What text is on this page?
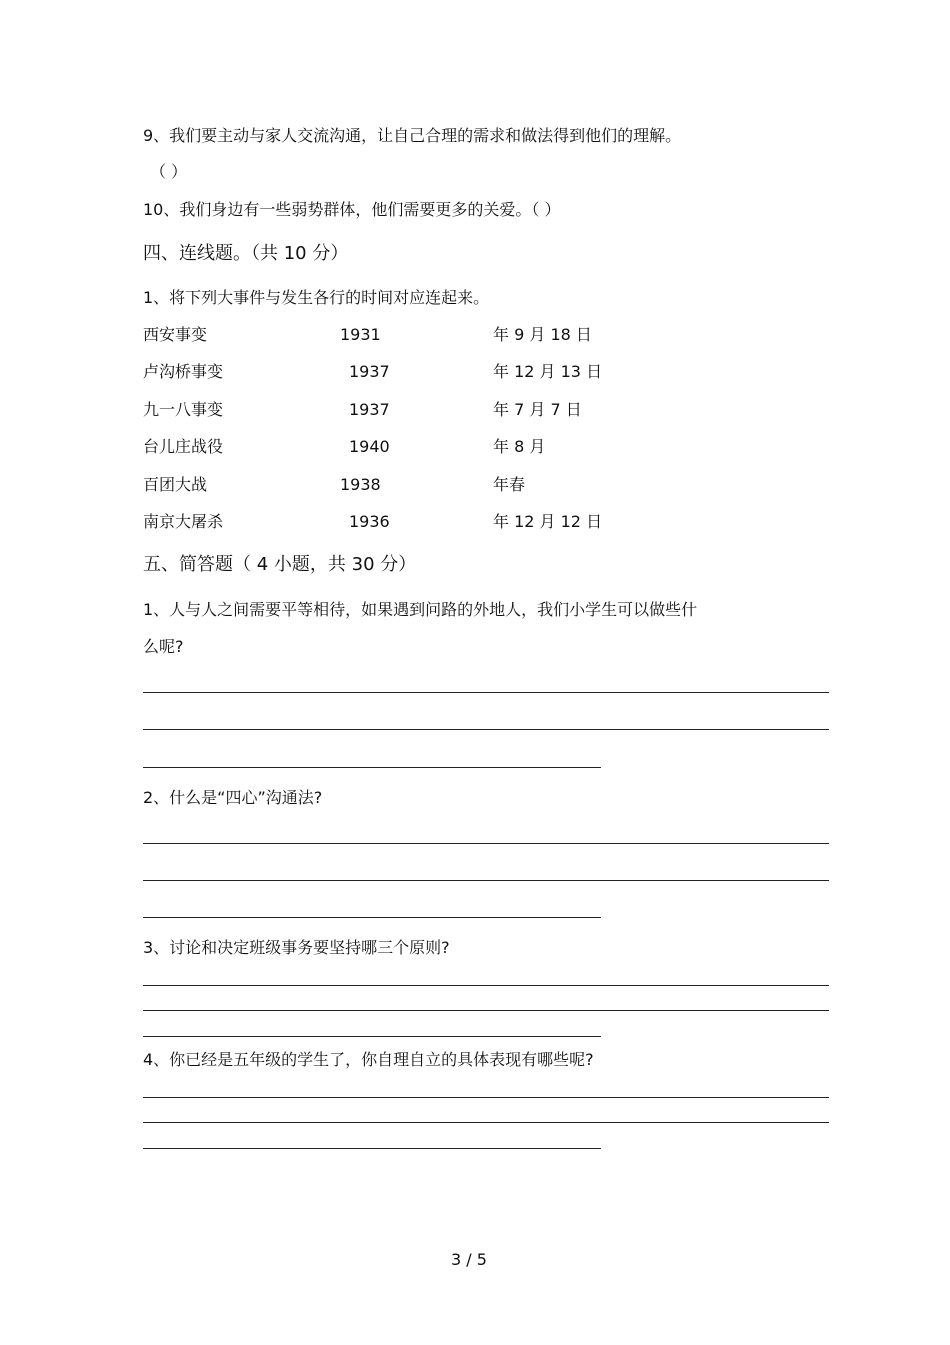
9、我们要主动与家人交流沟通，让自己合理的需求和做法得到他们的理解。
（ ）
10、我们身边有一些弱势群体，他们需要更多的关爱。（ ）
四、连线题。（共 10 分）
1、将下列大事件与发生各行的时间对应连起来。
西安事变	1931	年 9 月 18 日
卢沟桥事变	1937	年 12 月 13 日
九一八事变	1937	年 7 月 7 日
台儿庄战役	1940	年 8 月
百团大战	1938	年春
南京大屠杀	1936	年 12 月 12 日
五、简答题（ 4 小题，共 30 分）
1、人与人之间需要平等相待，如果遇到问路的外地人，我们小学生可以做些什
么呢?
2、什么是“四心”沟通法?
3、讨论和决定班级事务要坚持哪三个原则?
4、你已经是五年级的学生了，你自理自立的具体表现有哪些呢?
3 / 5
